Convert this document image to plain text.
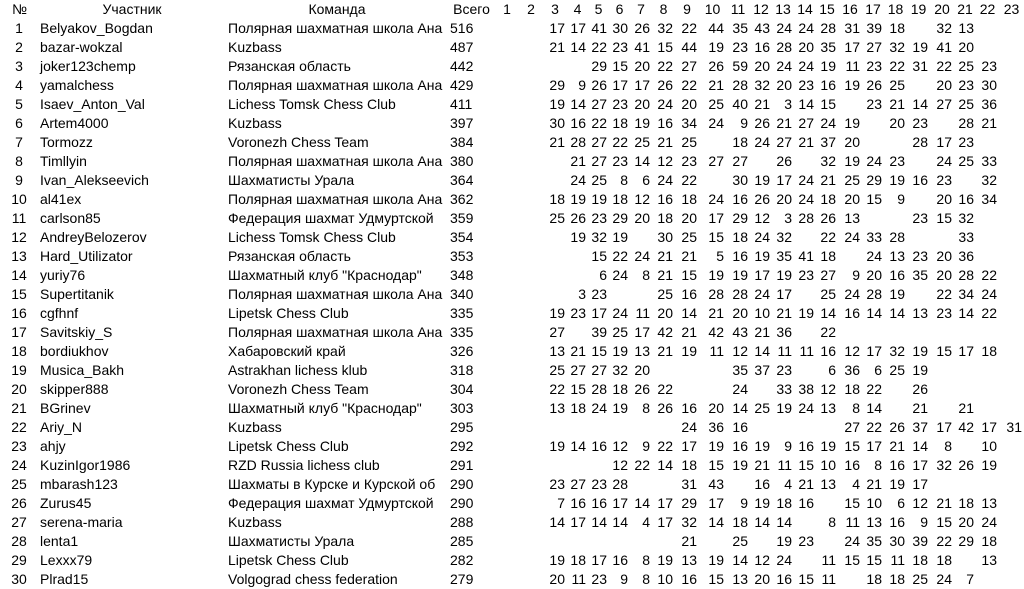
№	Участник	Команда	Всего	1	2	3	4	5	6	7	8	9	10	11	12	13	14	15	16	17	18	19	20	21	22	23
1	Belyakov_Bogdan	Полярная шахматная школа Ана	516			17	17	41	30	26	32	22	44	35	43	24	24	28	31	39	18		32	13		
2	bazar-wokzal	Kuzbass	487			21	14	22	23	41	15	44	19	23	16	28	20	35	17	27	32	19	41	20		
3	joker123chemp	Рязанская область	442					29	15	20	22	27	26	59	20	24	24	19	11	23	22	31	22	25	23	
4	yamalchess	Полярная шахматная школа Ана	429			29	9	26	17	17	26	22	21	28	32	20	23	16	19	26	25		20	23	30	
5	Isaev_Anton_Val	Lichess Tomsk Chess Club	411			19	14	27	23	20	24	20	25	40	21	3	14	15		23	21	14	27	25	36	
6	Artem4000	Kuzbass	397			30	16	22	18	19	16	34	24	9	26	21	27	24	19		20	23		28	21	
7	Tormozz	Voronezh Chess Team	384			21	28	27	22	25	21	25		18	24	27	21	37	20			28	17	23		
8	Timllyin	Полярная шахматная школа Ана	380				21	27	23	14	12	23	27	27		26		32	19	24	23		24	25	33	
9	Ivan_Alekseevich	Шахматисты Урала	364				24	25	8	6	24	22		30	19	17	24	21	25	29	19	16	23		32	
10	al41ex	Полярная шахматная школа Ана	362			18	19	19	18	12	16	18	24	16	26	20	24	18	20	15	9		20	16	34	
11	carlson85	Федерация шахмат Удмуртской	359			25	26	23	29	20	18	20	17	29	12	3	28	26	13			23	15	32		
12	AndreyBelozerov	Lichess Tomsk Chess Club	354				19	32	19		30	25	15	18	24	32		22	24	33	28			33		
13	Hard_Utilizator	Рязанская область	353					15	22	24	21	21	5	16	19	35	41	18		24	13	23	20	36		
14	yuriy76	Шахматный клуб "Краснодар"	348					6	24	8	21	15	19	19	17	19	23	27	9	20	16	35	20	28	22	
15	Supertitanik	Полярная шахматная школа Ана	340				3	23			25	16	28	28	24	17		25	24	28	19		22	34	24	
16	cgfhnf	Lipetsk Chess Club	335			19	23	17	24	11	20	14	21	20	10	21	19	14	16	14	14	13	23	14	22	
17	Savitskiy_S	Полярная шахматная школа Ана	335			27		39	25	17	42	21	42	43	21	36		22								
18	bordiukhov	Хабаровский край	326			13	21	15	19	13	21	19	11	12	14	11	11	16	12	17	32	19	15	17	18	
19	Musica_Bakh	Astrakhan lichess klub	318			25	27	27	32	20				35	37	23		6	36	6	25	19				
20	skipper888	Voronezh Chess Team	304			22	15	28	18	26	22			24		33	38	12	18	22		26				
21	BGrinev	Шахматный клуб "Краснодар"	303			13	18	24	19	8	26	16	20	14	25	19	24	13	8	14		21		21		
22	Ariy_N	Kuzbass	295									24	36	16					27	22	26	37	17	42	17	31
23	ahjy	Lipetsk Chess Club	292			19	14	16	12	9	22	17	19	16	19	9	16	19	15	17	21	14	8		10	
24	KuzinIgor1986	RZD Russia lichess club	291						12	22	14	18	15	19	21	11	15	10	16	8	16	17	32	26	19	
25	mbarash123	Шахматы в Курске и Курской об	290			23	27	23	28			31	43		16	4	21	13	4	21	19	17				
26	Zurus45	Федерация шахмат Удмуртской	290			7	16	16	17	14	17	29	17	9	19	18	16		15	10	6	12	21	18	13	
27	serena-maria	Kuzbass	288			14	17	14	14	4	17	32	14	18	14	14		8	11	13	16	9	15	20	24	
28	lenta1	Шахматисты Урала	285									21		25		19	23		24	35	30	39	22	29	18	
29	Lexxx79	Lipetsk Chess Club	282			19	18	17	16	8	19	13	19	14	12	24		11	15	15	11	18	18		13	
30	Plrad15	Volgograd chess federation	279			20	11	23	9	8	10	16	15	13	20	16	15	11		18	18	25	24	7		
